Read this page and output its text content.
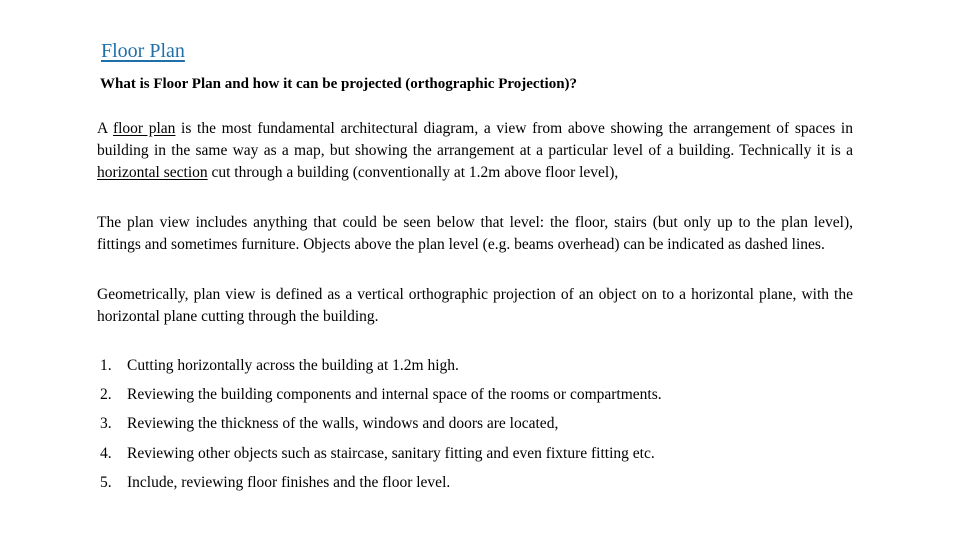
Floor Plan
What is Floor Plan and how it can be projected (orthographic Projection)?

A floor plan is the most fundamental architectural diagram, a view from above showing the arrangement of spaces in building in the same way as a map, but showing the arrangement at a particular level of a building. Technically it is a horizontal section cut through a building (conventionally at 1.2m above floor level),

The plan view includes anything that could be seen below that level: the floor, stairs (but only up to the plan level), fittings and sometimes furniture. Objects above the plan level (e.g. beams overhead) can be indicated as dashed lines.

Geometrically, plan view is defined as a vertical orthographic projection of an object on to a horizontal plane, with the horizontal plane cutting through the building.

1. Cutting horizontally across the building at 1.2m high.
2. Reviewing the building components and internal space of the rooms or compartments.
3. Reviewing the thickness of the walls, windows and doors are located,
4. Reviewing other objects such as staircase, sanitary fitting and even fixture fitting etc.
5. Include, reviewing floor finishes and the floor level.
